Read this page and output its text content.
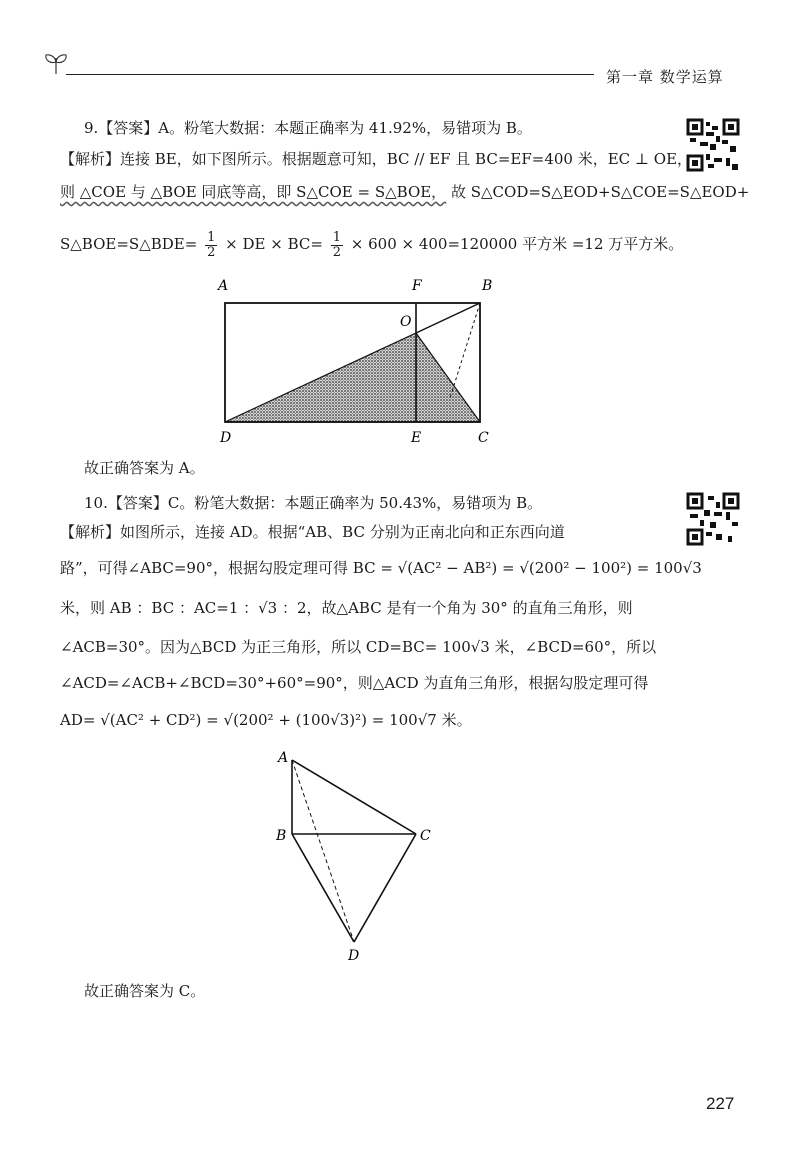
第一章 数学运算
9.【答案】A。粉笔大数据：本题正确率为 41.92%，易错项为 B。
【解析】连接 BE，如下图所示。根据题意可知，BC // EF 且 BC=EF=400 米，EC ⊥ OE，
则 △COE 与 △BOE 同底等高，即 S△COE = S△BOE， 故 S△COD=S△EOD+S△COE=S△EOD+
S△BOE=S△BDE= $\frac{1}{2}$ × DE × $BC= \frac{1}{2} \times 600 \times 400=120000$ 平方米 =12 万平方米。
A	F	B
O
D	E	C
故正确答案为 A。
10.【答案】C。粉笔大数据：本题正确率为 50.43%，易错项为 B。
【解析】如图所示，连接 AD。根据“AB、BC 分别为正南北向和正东西向道
路”，可得∠ABC=90°，根据勾股定理可得 BC = √(AC² − AB²) = √(200² − 100²) = 100√3
米，则 AB ：BC ：AC=1 ：√3 ：2，故△ABC 是有一个角为 30° 的直角三角形，则
∠ACB=30°。因为△BCD 为正三角形，所以 CD=BC= 100√3 米，∠BCD=60°，所以
∠ACD=∠ACB+∠BCD=30°+60°=90°，则△ACD 为直角三角形，根据勾股定理可得
AD= √(AC² + CD²) = √(200² + (100√3)²) = 100√7 米。
A
B	C
D
故正确答案为 C。
227
